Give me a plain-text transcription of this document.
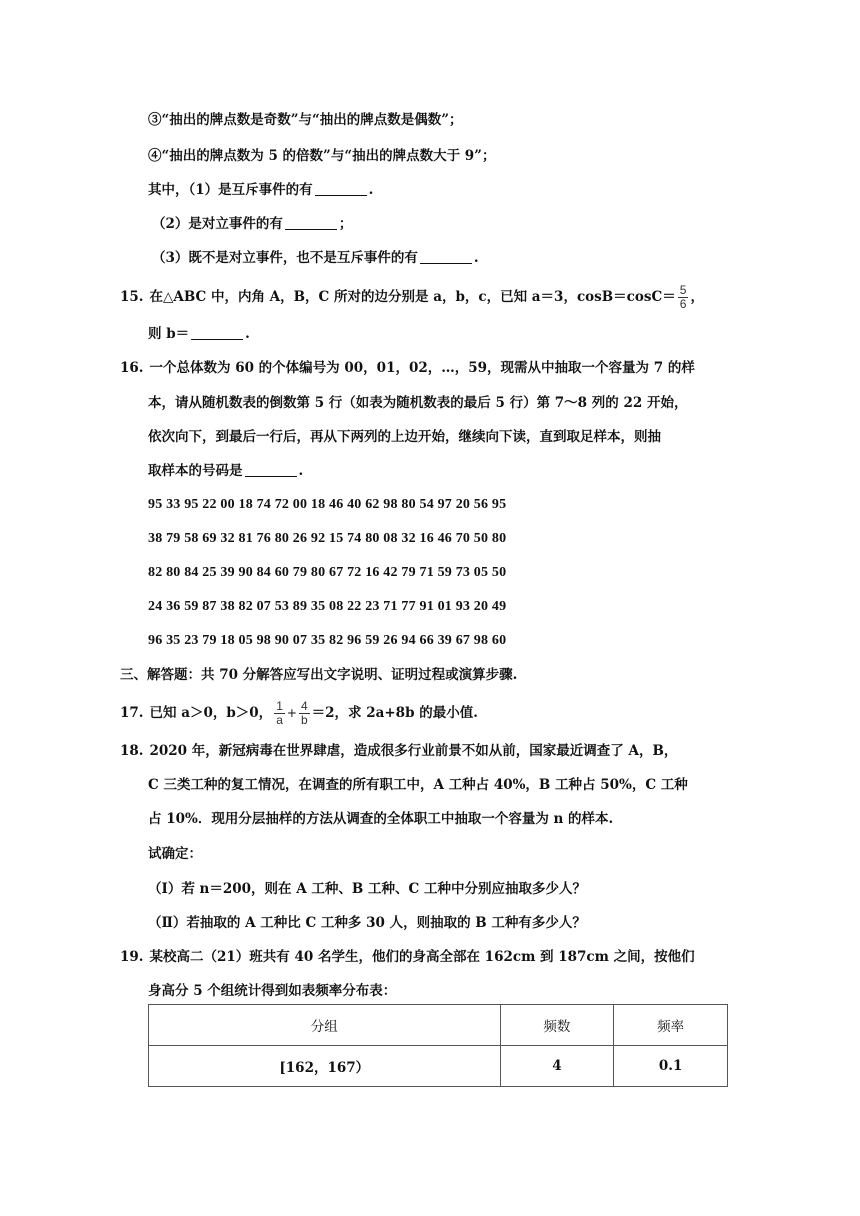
③“抽出的牌点数是奇数”与“抽出的牌点数是偶数”；
④“抽出的牌点数为 5 的倍数”与“抽出的牌点数大于 9”；
其中，（1）是互斥事件的有	.
（2）是对立事件的有	；
（3）既不是对立事件，也不是互斥事件的有	.
15. 在△ABC 中，内角 A，B，C 所对的边分别是 a，b，c，已知 a＝3，$\cos B=\cos C= \frac{5}{6}$ ，
则 b＝	.
16. 一个总体数为 60 的个体编号为 00，01，02，…，59，现需从中抽取一个容量为 7 的样
本，请从随机数表的倒数第 5 行（如表为随机数表的最后 5 行）第 7～8 列的 22 开始，
依次向下，到最后一行后，再从下两列的上边开始，继续向下读，直到取足样本，则抽
取样本的号码是	.
95 33 95 22 00 18 74 72 00 18 46 40 62 98 80 54 97 20 56 95
38 79 58 69 32 81 76 80 26 92 15 74 80 08 32 16 46 70 50 80
82 80 84 25 39 90 84 60 79 80 67 72 16 42 79 71 59 73 05 50
24 36 59 87 38 82 07 53 89 35 08 22 23 71 77 91 01 93 20 49
96 35 23 79 18 05 98 90 07 35 82 96 59 26 94 66 39 67 98 60
三、解答题：共 70 分解答应写出文字说明、证明过程或演算步骤.
17. 已知 a＞0，b＞0， $\frac{1}{a} + \frac{4}{b} =2$，求 2a+8b 的最小值.
18. 2020 年，新冠病毒在世界肆虐，造成很多行业前景不如从前，国家最近调查了 A，B，
C 三类工种的复工情况，在调查的所有职工中，A 工种占 40%，B 工种占 50%，C 工种
占 10%．现用分层抽样的方法从调查的全体职工中抽取一个容量为 n 的样本.
试确定：
（Ⅰ）若 n＝200，则在 A 工种、B 工种、C 工种中分别应抽取多少人？
（Ⅱ）若抽取的 A 工种比 C 工种多 30 人，则抽取的 B 工种有多少人？
19. 某校高二（21）班共有 40 名学生，他们的身高全部在 162cm 到 187cm 之间，按他们
身高分 5 个组统计得到如表频率分布表：
分组	频数	频率
[162，167）	4	0.1
